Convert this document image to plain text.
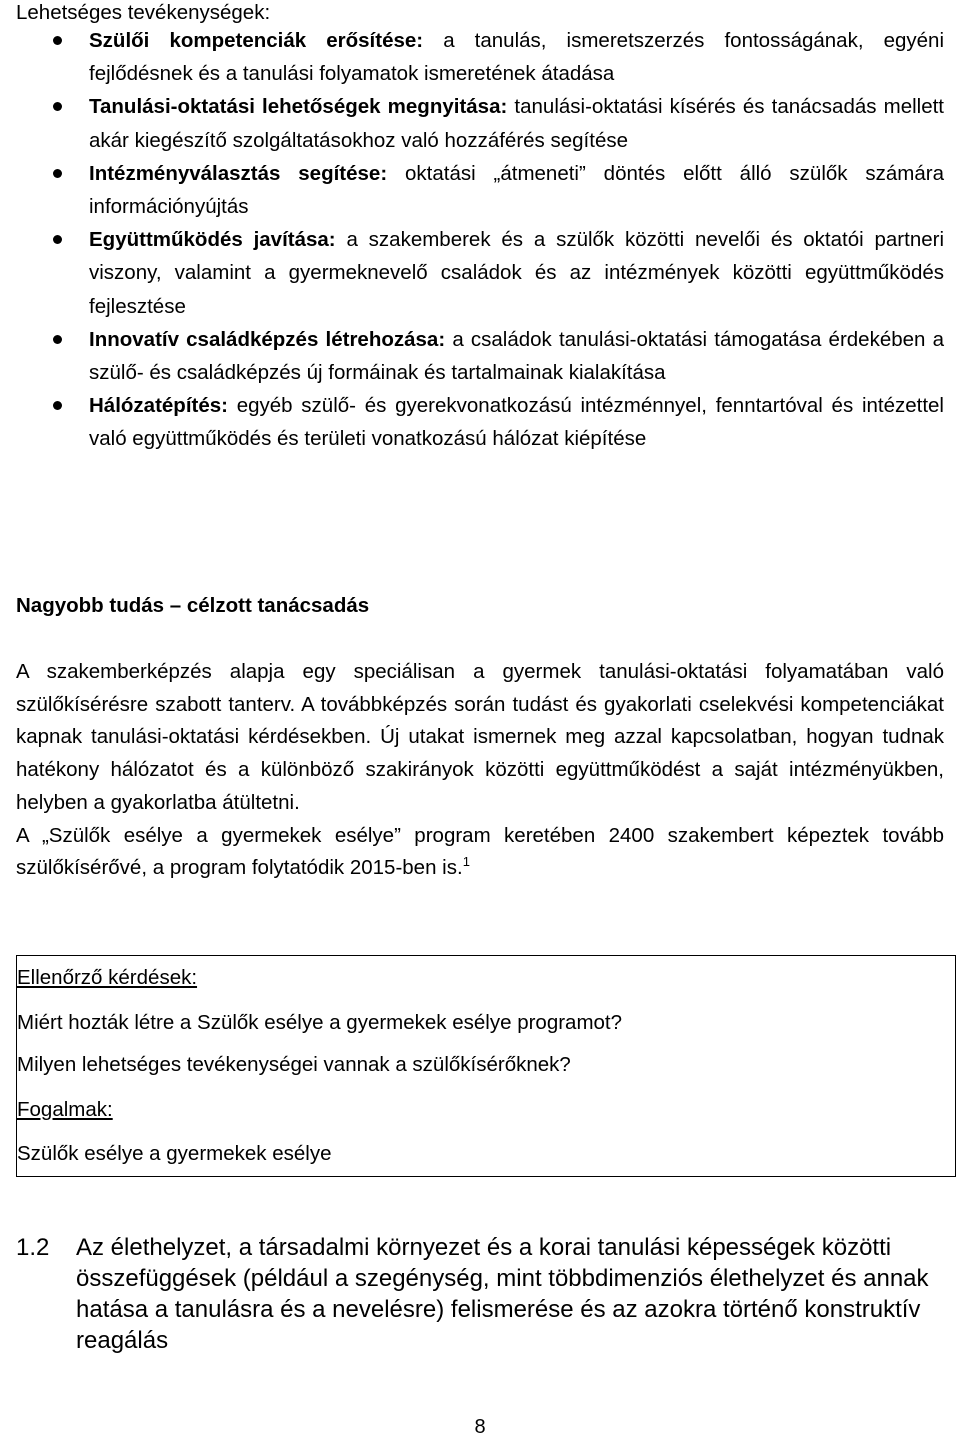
Lehetséges tevékenységek:

Szülői kompetenciák erősítése: a tanulás, ismeretszerzés fontosságának, egyéni fejlődésnek és a tanulási folyamatok ismeretének átadása
Tanulási-oktatási lehetőségek megnyitása: tanulási-oktatási kísérés és tanácsadás mellett akár kiegészítő szolgáltatásokhoz való hozzáférés segítése
Intézményválasztás segítése: oktatási „átmeneti” döntés előtt álló szülők számára információnyújtás
Együttműködés javítása: a szakemberek és a szülők közötti nevelői és oktatói partneri viszony, valamint a gyermeknevelő családok és az intézmények közötti együttműködés fejlesztése
Innovatív családképzés létrehozása: a családok tanulási-oktatási támogatása érdekében a szülő- és családképzés új formáinak és tartalmainak kialakítása
Hálózatépítés: egyéb szülő- és gyerekvonatkozású intézménnyel, fenntartóval és intézettel való együttműködés és területi vonatkozású hálózat kiépítése

Nagyobb tudás – célzott tanácsadás

A szakemberképzés alapja egy speciálisan a gyermek tanulási-oktatási folyamatában való szülőkísérésre szabott tanterv. A továbbképzés során tudást és gyakorlati cselekvési kompetenciákat kapnak tanulási-oktatási kérdésekben. Új utakat ismernek meg azzal kapcsolatban, hogyan tudnak hatékony hálózatot és a különböző szakirányok közötti együttműködést a saját intézményükben, helyben a gyakorlatba átültetni.

A „Szülők esélye a gyermekek esélye” program keretében 2400 szakembert képeztek tovább szülőkísérővé, a program folytatódik 2015-ben is.$^1$

Ellenőrző kérdések:
Miért hozták létre a Szülők esélye a gyermekek esélye programot?
Milyen lehetséges tevékenységei vannak a szülőkísérőknek?
Fogalmak:
Szülők esélye a gyermekek esélye
1.2 Az élethelyzet, a társadalmi környezet és a korai tanulási képességek közötti összefüggések (például a szegénység, mint többdimenziós élethelyzet és annak hatása a tanulásra és a nevelésre) felismerése és az azokra történő konstruktív reagálás
8
